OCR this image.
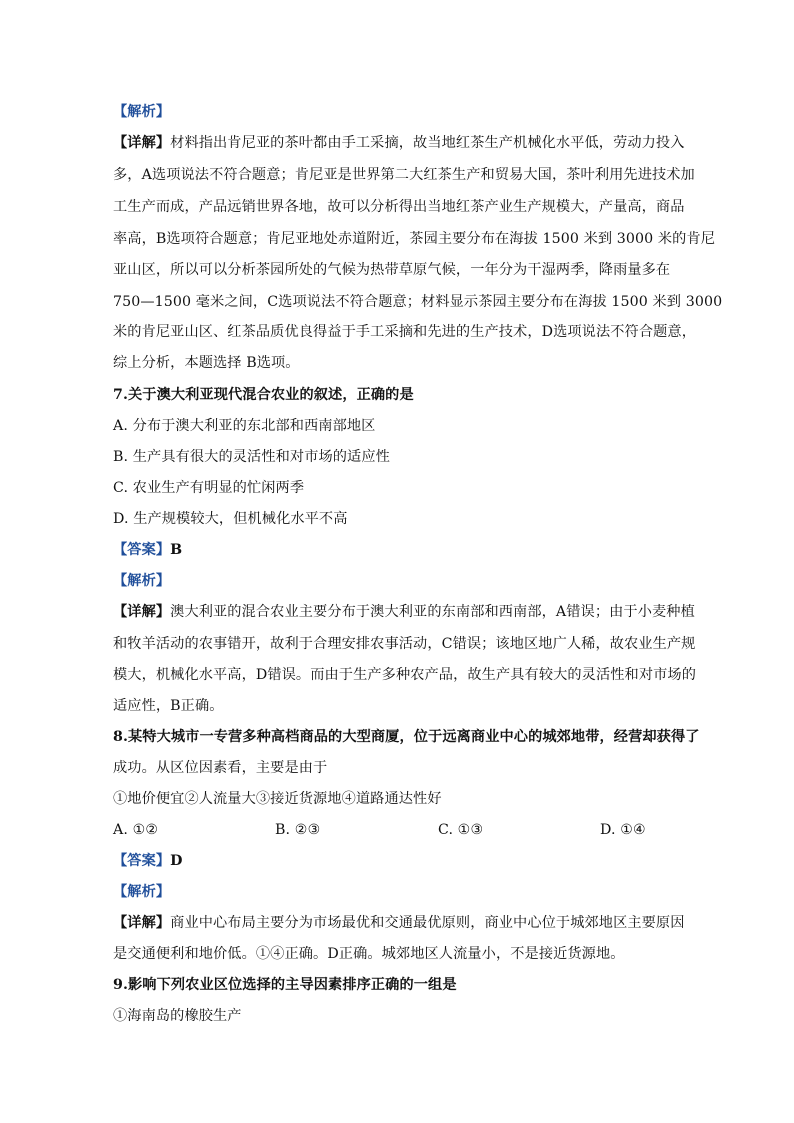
【解析】
【详解】材料指出肯尼亚的茶叶都由手工采摘，故当地红茶生产机械化水平低，劳动力投入
多，A选项说法不符合题意；肯尼亚是世界第二大红茶生产和贸易大国，茶叶利用先进技术加
工生产而成，产品远销世界各地，故可以分析得出当地红茶产业生产规模大，产量高，商品
率高，B选项符合题意；肯尼亚地处赤道附近，茶园主要分布在海拔 1500 米到 3000 米的肯尼
亚山区，所以可以分析茶园所处的气候为热带草原气候，一年分为干湿两季，降雨量多在
750—1500 毫米之间，C选项说法不符合题意；材料显示茶园主要分布在海拔 1500 米到 3000
米的肯尼亚山区、红茶品质优良得益于手工采摘和先进的生产技术，D选项说法不符合题意，
综上分析，本题选择 B选项。
7.关于澳大利亚现代混合农业的叙述，正确的是
A. 分布于澳大利亚的东北部和西南部地区
B. 生产具有很大的灵活性和对市场的适应性
C. 农业生产有明显的忙闲两季
D. 生产规模较大，但机械化水平不高
【答案】B
【解析】
【详解】澳大利亚的混合农业主要分布于澳大利亚的东南部和西南部，A错误；由于小麦种植
和牧羊活动的农事错开，故利于合理安排农事活动，C错误；该地区地广人稀，故农业生产规
模大，机械化水平高，D错误。而由于生产多种农产品，故生产具有较大的灵活性和对市场的
适应性，B正确。
8.某特大城市一专营多种高档商品的大型商厦，位于远离商业中心的城郊地带，经营却获得了
成功。从区位因素看，主要是由于
①地价便宜②人流量大③接近货源地④道路通达性好
A. ①②	B. ②③	C. ①③	D. ①④
【答案】D
【解析】
【详解】商业中心布局主要分为市场最优和交通最优原则，商业中心位于城郊地区主要原因
是交通便利和地价低。①④正确。D正确。城郊地区人流量小，不是接近货源地。
9.影响下列农业区位选择的主导因素排序正确的一组是
①海南岛的橡胶生产
